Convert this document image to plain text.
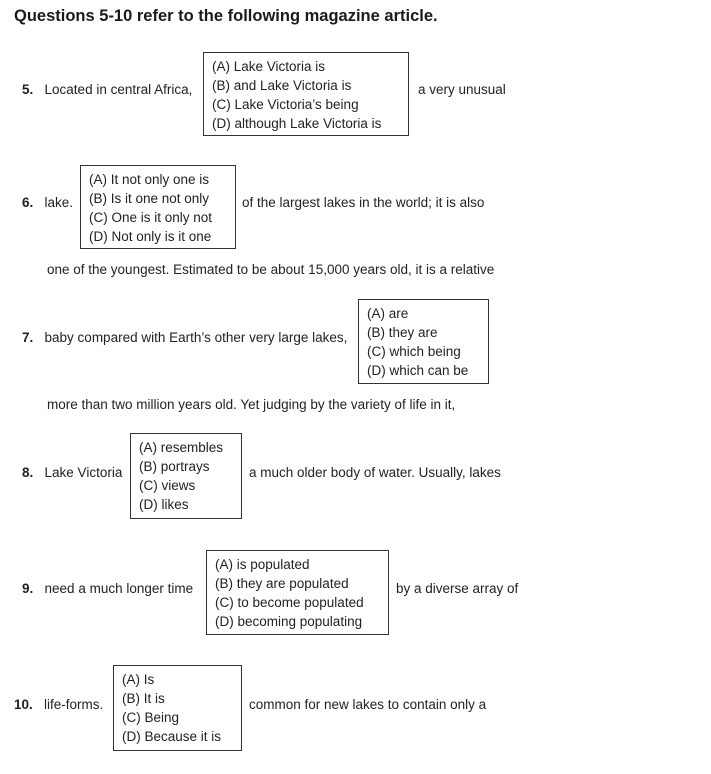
Questions 5-10 refer to the following magazine article.
5. Located in central Africa,
(A) Lake Victoria is
(B) and Lake Victoria is
(C) Lake Victoria’s being
(D) although Lake Victoria is
a very unusual
6. lake.
(A) It not only one is
(B) Is it one not only
(C) One is it only not
(D) Not only is it one
of the largest lakes in the world; it is also
one of the youngest. Estimated to be about 15,000 years old, it is a relative
7. baby compared with Earth’s other very large lakes,
(A) are
(B) they are
(C) which being
(D) which can be
more than two million years old. Yet judging by the variety of life in it,
8. Lake Victoria
(A) resembles
(B) portrays
(C) views
(D) likes
a much older body of water. Usually, lakes
9. need a much longer time
(A) is populated
(B) they are populated
(C) to become populated
(D) becoming populating
by a diverse array of
10. life-forms.
(A) Is
(B) It is
(C) Being
(D) Because it is
common for new lakes to contain only a
